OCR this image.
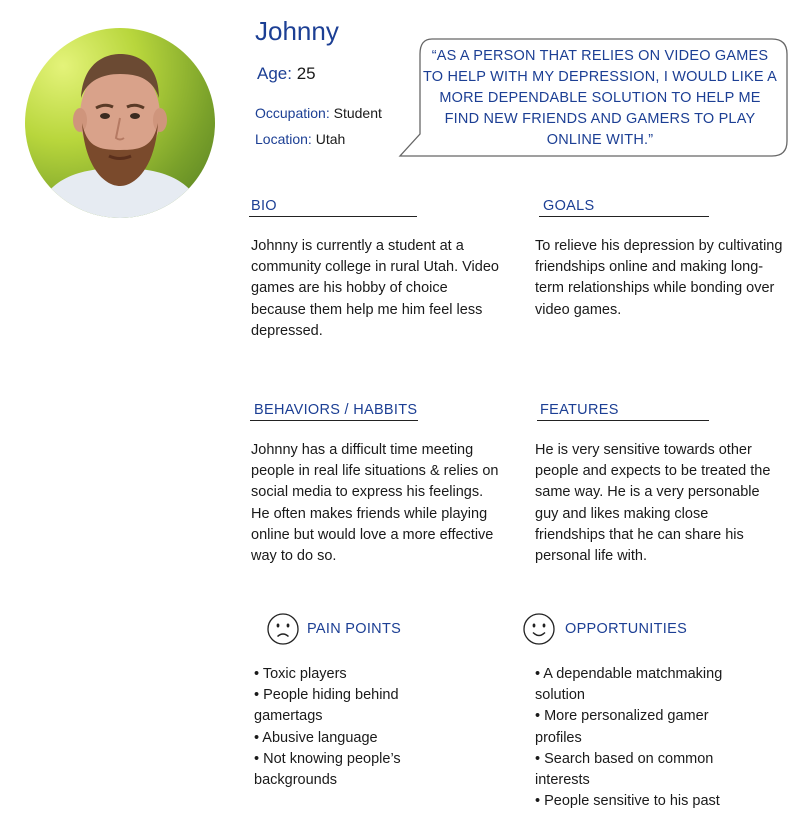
Johnny
Age: 25
Occupation: Student
Location: Utah
“AS A PERSON THAT RELIES ON VIDEO GAMES TO HELP WITH MY DEPRESSION, I WOULD LIKE A MORE DEPENDABLE SOLUTION TO HELP ME FIND NEW FRIENDS AND GAMERS TO PLAY ONLINE WITH.”
BIO
Johnny is currently a student at a community college in rural Utah. Video games are his hobby of choice because them help me him feel less depressed.
GOALS
To relieve his depression by cultivating friendships online and making long-term relationships while bonding over video games.
BEHAVIORS / HABBITS
Johnny has a difficult time meeting people in real life situations & relies on social media to express his feelings.
He often makes friends while playing online but would love a more effective way to do so.
FEATURES
He is very sensitive towards other people and expects to be treated the same way. He is a very personable guy and likes making close friendships that he can share his personal life with.
PAIN POINTS
• Toxic players
• People hiding behind gamertags
• Abusive language
• Not knowing people’s backgrounds
OPPORTUNITIES
• A dependable matchmaking solution
• More personalized gamer profiles
• Search based on common interests
• People sensitive to his past
